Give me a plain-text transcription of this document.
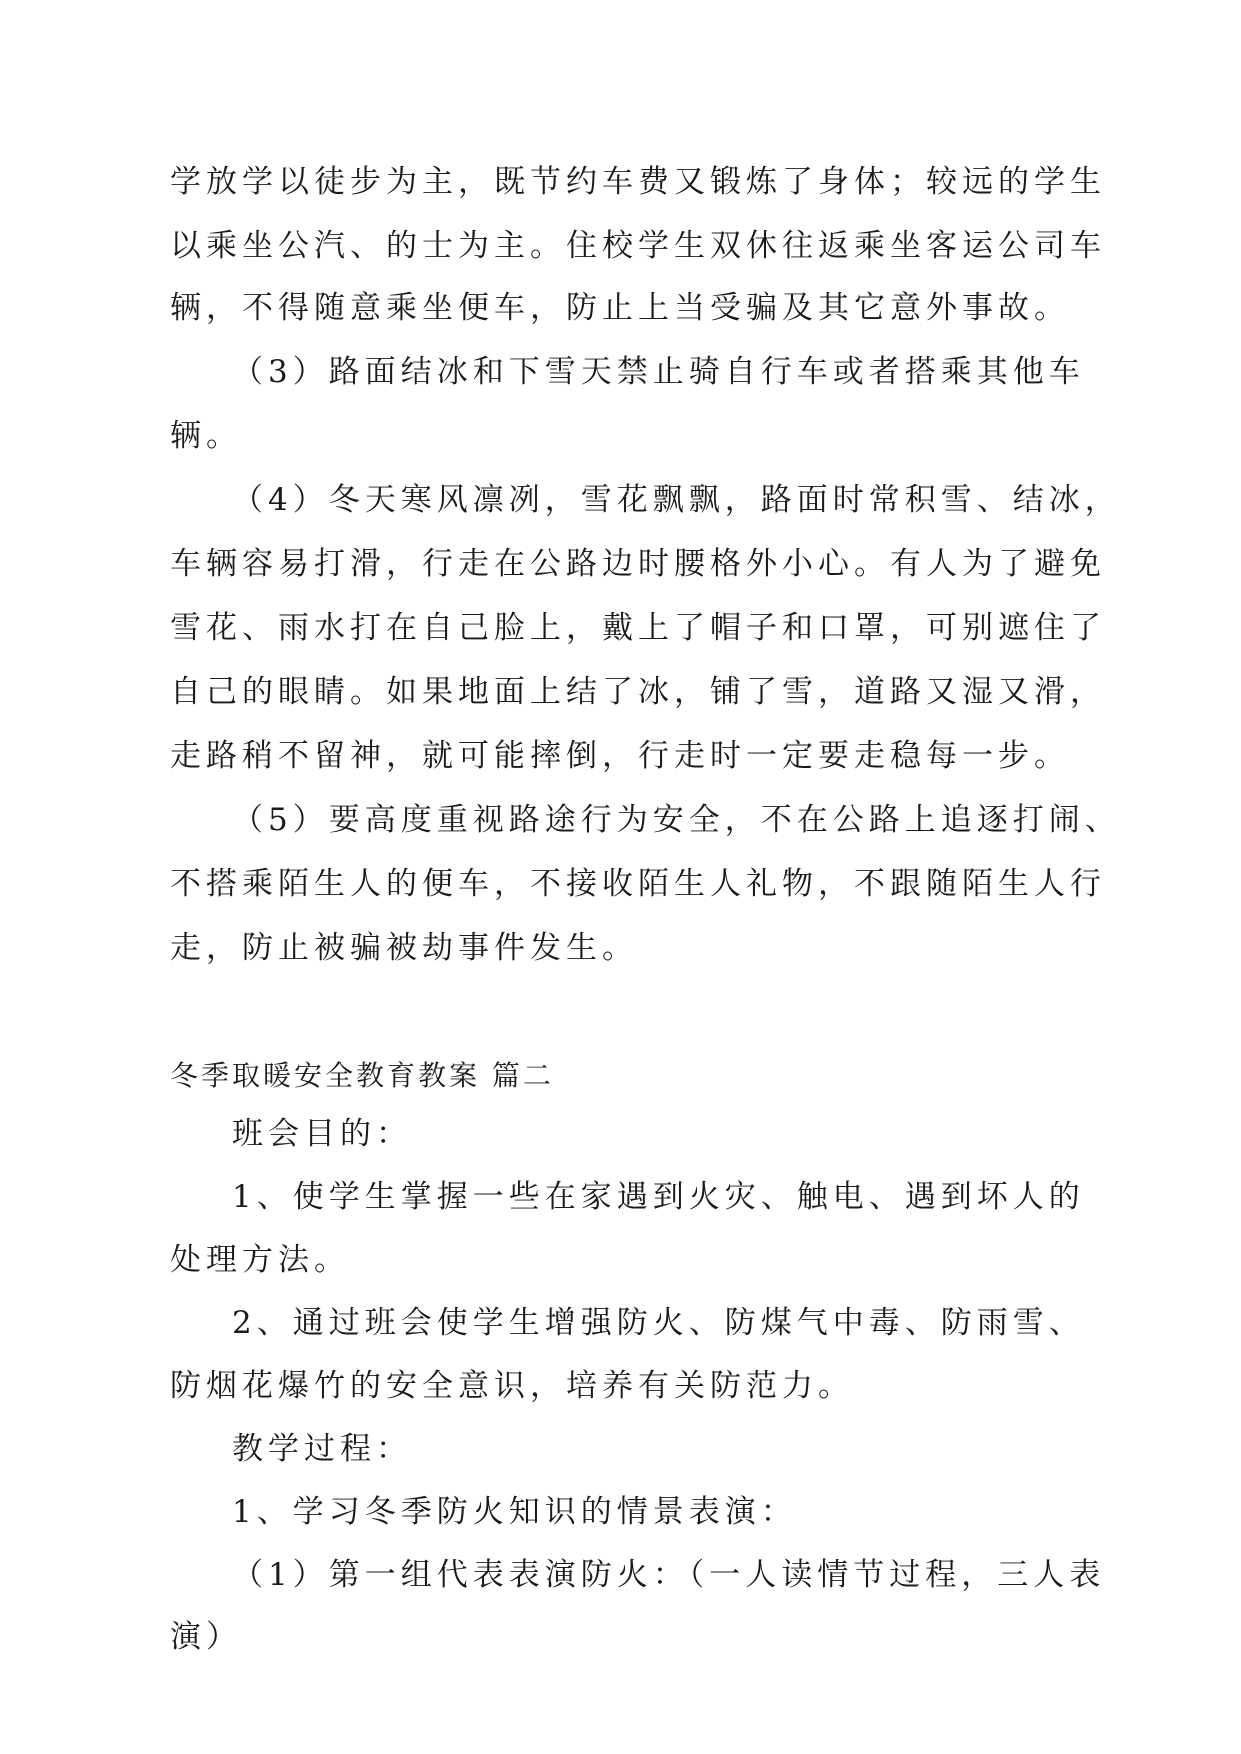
学放学以徒步为主，既节约车费又锻炼了身体；较远的学生
以乘坐公汽、的士为主。住校学生双休往返乘坐客运公司车
辆，不得随意乘坐便车，防止上当受骗及其它意外事故。
（3）路面结冰和下雪天禁止骑自行车或者搭乘其他车
辆。
（4）冬天寒风凛冽，雪花飘飘，路面时常积雪、结冰，
车辆容易打滑，行走在公路边时腰格外小心。有人为了避免
雪花、雨水打在自己脸上，戴上了帽子和口罩，可别遮住了
自己的眼睛。如果地面上结了冰，铺了雪，道路又湿又滑，
走路稍不留神，就可能摔倒，行走时一定要走稳每一步。
（5）要高度重视路途行为安全，不在公路上追逐打闹、
不搭乘陌生人的便车，不接收陌生人礼物，不跟随陌生人行
走，防止被骗被劫事件发生。
冬季取暖安全教育教案 篇二
班会目的：
1、使学生掌握一些在家遇到火灾、触电、遇到坏人的
处理方法。
2、通过班会使学生增强防火、防煤气中毒、防雨雪、
防烟花爆竹的安全意识，培养有关防范力。
教学过程：
1、学习冬季防火知识的情景表演：
（1）第一组代表表演防火：（一人读情节过程，三人表
演）
